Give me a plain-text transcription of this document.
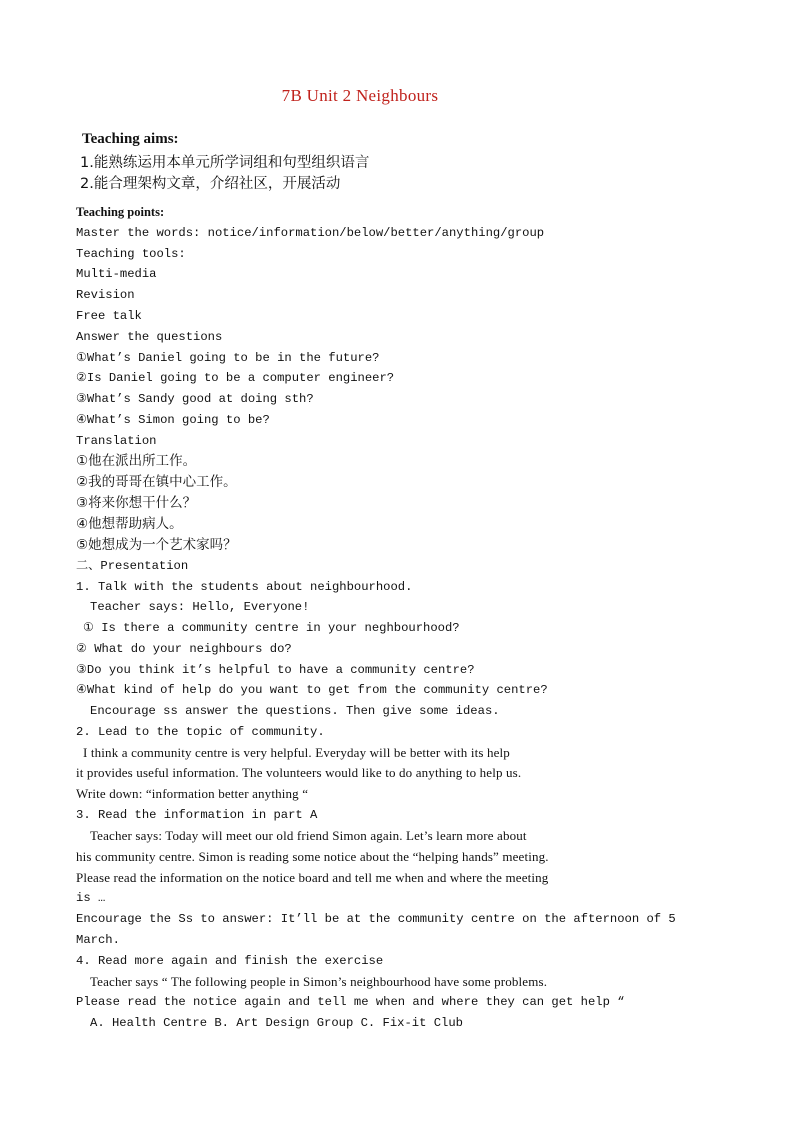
7B Unit 2 Neighbours
Teaching aims:
1.能熟练运用本单元所学词组和句型组织语言
2.能合理架构文章，介绍社区，开展活动
Teaching points:
Master the words: notice/information/below/better/anything/group
Teaching tools:
Multi-media
Revision
Free talk
Answer the questions
①What’s Daniel going to be in the future?
②Is Daniel going to be a computer engineer?
③What’s Sandy good at doing sth?
④What’s Simon going to be?
Translation
①他在派出所工作。
②我的哥哥在镇中心工作。
③将来你想干什么？
④他想帮助病人。
⑤她想成为一个艺术家吗？
二、Presentation
1. Talk with the students about neighbourhood.
Teacher says: Hello, Everyone!
① Is there a community centre in your neghbourhood?
② What do your neighbours do?
③Do you think it’s helpful to have a community centre?
④What kind of help do you want to get from the community centre?
Encourage ss answer the questions. Then give some ideas.
2. Lead to the topic of community.
I think a community centre is very helpful. Everyday will be better with its help
it provides useful information. The volunteers would like to do anything to help us.
Write down: “information better anything “
3. Read the information in part A
Teacher says: Today will meet our old friend Simon again. Let’s learn more about
his community centre. Simon is reading some notice about the “helping hands” meeting.
Please read the information on the notice board and tell me when and where the meeting
is …
Encourage the Ss to answer: It’ll be at the community centre on the afternoon of 5
March.
4. Read more again and finish the exercise
Teacher says “ The following people in Simon’s neighbourhood have some problems.
Please read the notice again and tell me when and where they can get help “
A. Health Centre B. Art Design Group C. Fix-it Club
